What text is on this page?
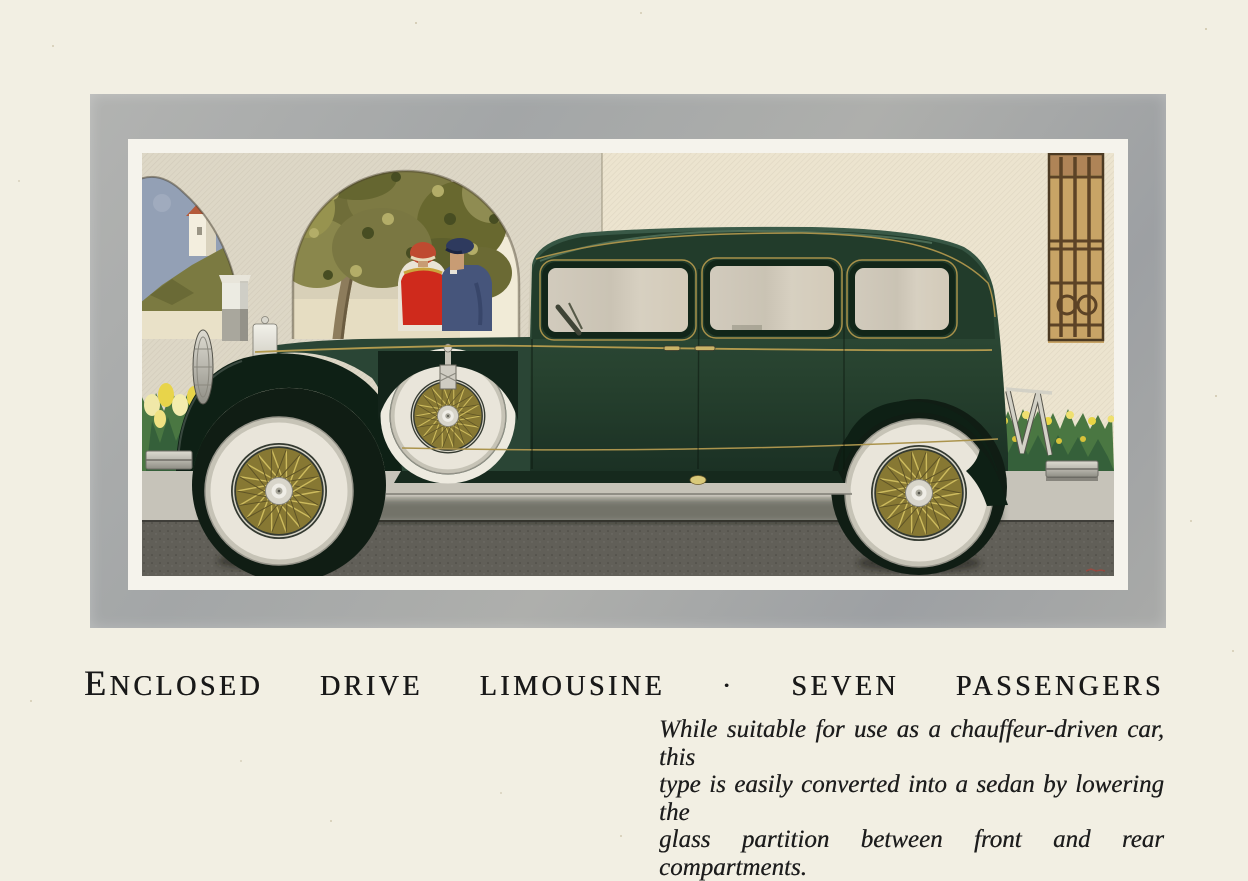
ENCLOSED DRIVE LIMOUSINE · SEVEN PASSENGERS
While suitable for use as a chauffeur-driven car, this
type is easily converted into a sedan by lowering the
glass partition between front and rear compartments.
